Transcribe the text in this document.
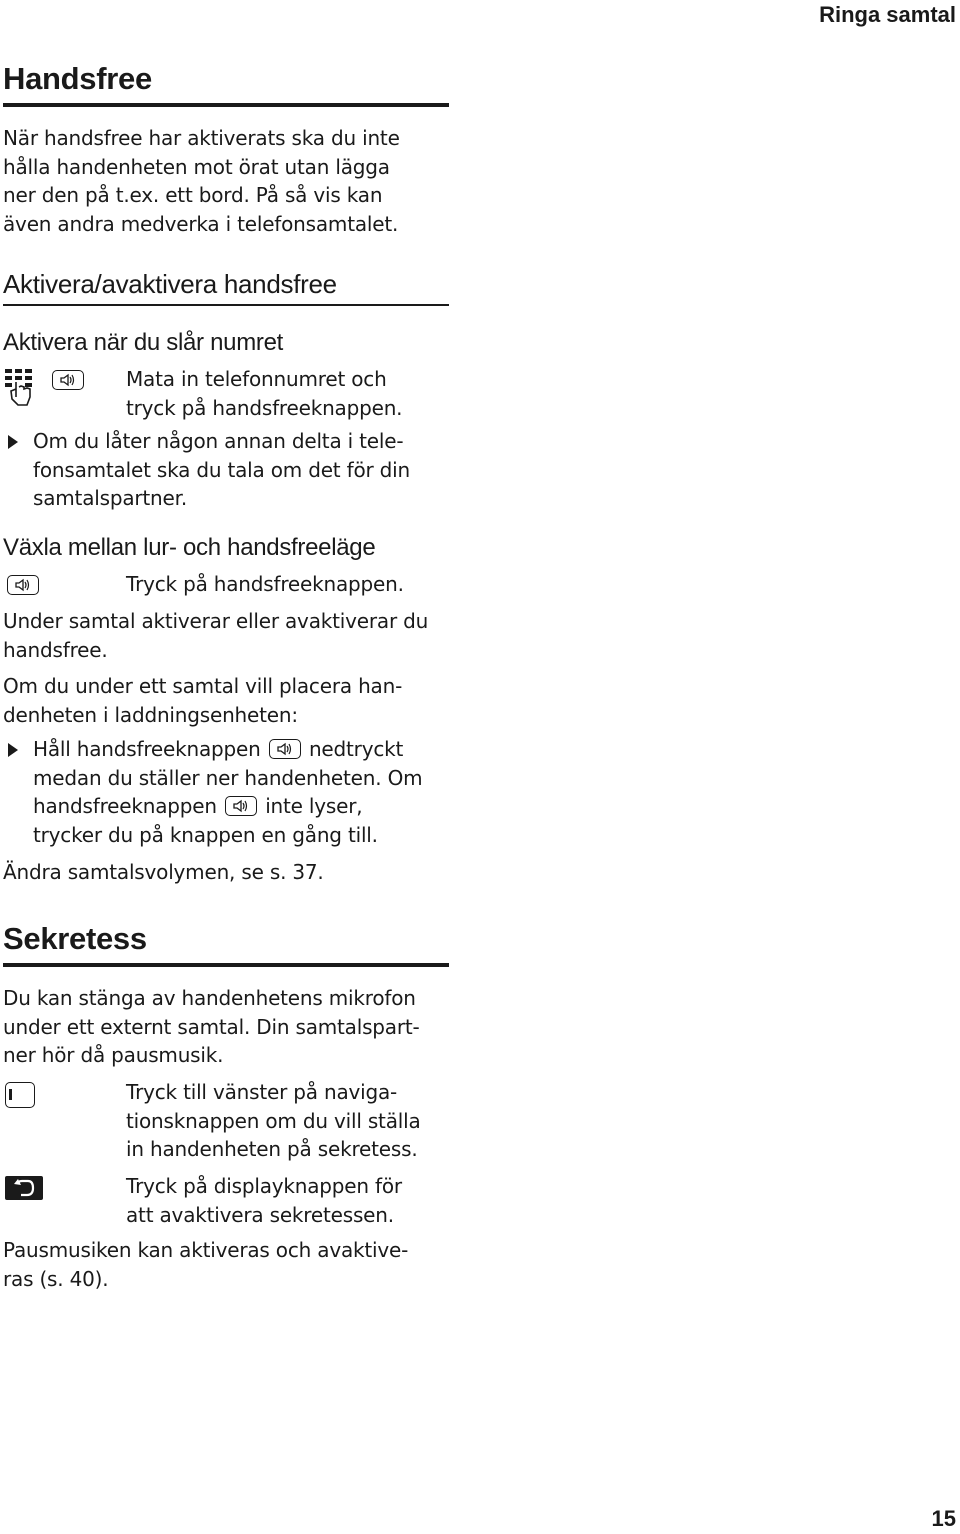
Ringa samtal
Handsfree
När handsfree har aktiverats ska du inte
hålla handenheten mot örat utan lägga
ner den på t.ex. ett bord. På så vis kan
även andra medverka i telefonsamtalet.
Aktivera/avaktivera handsfree
Aktivera när du slår numret
Mata in telefonnumret och
tryck på handsfreeknappen.
Om du låter någon annan delta i tele-
fonsamtalet ska du tala om det för din
samtalspartner.
Växla mellan lur- och handsfreeläge
Tryck på handsfreeknappen.
Under samtal aktiverar eller avaktiverar du
handsfree.
Om du under ett samtal vill placera han-
denheten i laddningsenheten:
Håll handsfreeknappen nedtryckt
medan du ställer ner handenheten. Om
handsfreeknappen inte lyser,
trycker du på knappen en gång till.
Ändra samtalsvolymen, se s. 37.
Sekretess
Du kan stänga av handenhetens mikrofon
under ett externt samtal. Din samtalspart-
ner hör då pausmusik.
Tryck till vänster på naviga-
tionsknappen om du vill ställa
in handenheten på sekretess.
Tryck på displayknappen för
att avaktivera sekretessen.
Pausmusiken kan aktiveras och avaktive-
ras (s. 40).
15
